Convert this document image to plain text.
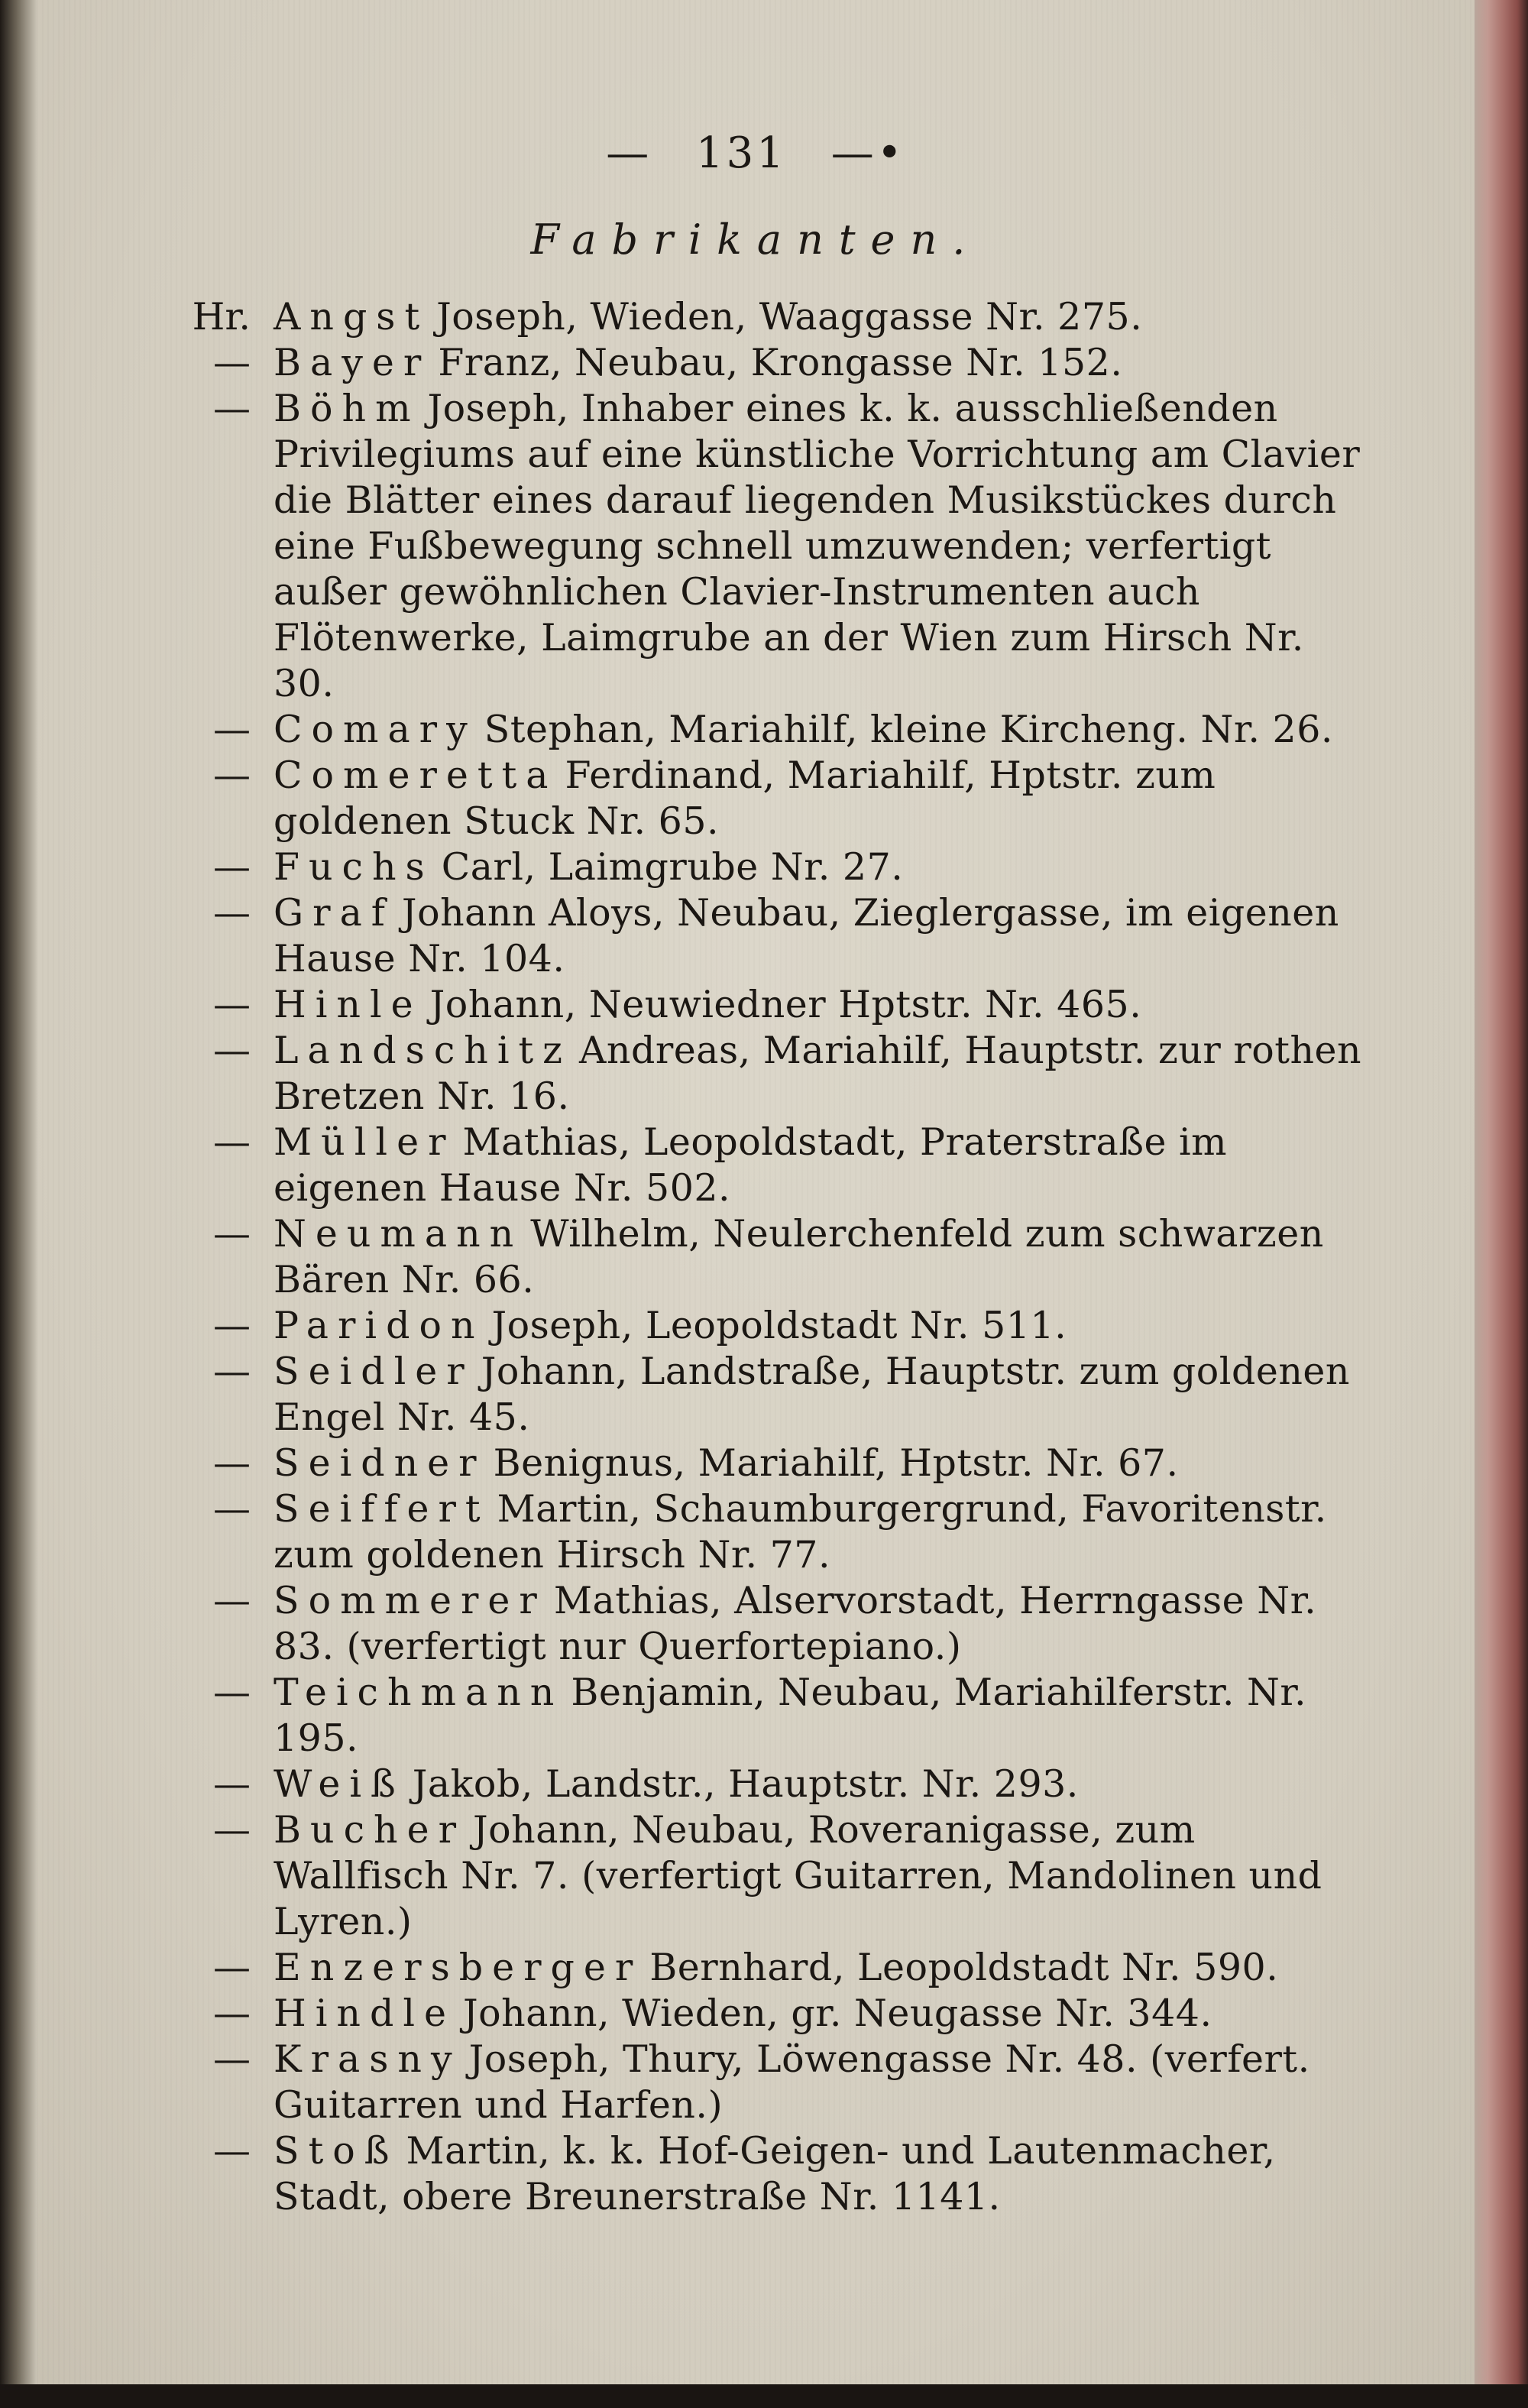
— 131 —•
Fabrikanten.
Hr. Angst Joseph, Wieden, Waaggasse Nr. 275.
— Bayer Franz, Neubau, Krongasse Nr. 152.
— Böhm Joseph, Inhaber eines k. k. ausschließenden Privilegiums auf eine künstliche Vorrichtung am Clavier die Blätter eines darauf liegenden Musikstückes durch eine Fußbewegung schnell umzuwenden; verfertigt außer gewöhnlichen Clavier-Instrumenten auch Flötenwerke, Laimgrube an der Wien zum Hirsch Nr. 30.
— Comary Stephan, Mariahilf, kleine Kircheng. Nr. 26.
— Comeretta Ferdinand, Mariahilf, Hptstr. zum goldenen Stuck Nr. 65.
— Fuchs Carl, Laimgrube Nr. 27.
— Graf Johann Aloys, Neubau, Zieglergasse, im eigenen Hause Nr. 104.
— Hinle Johann, Neuwiedner Hptstr. Nr. 465.
— Landschitz Andreas, Mariahilf, Hauptstr. zur rothen Bretzen Nr. 16.
— Müller Mathias, Leopoldstadt, Praterstraße im eigenen Hause Nr. 502.
— Neumann Wilhelm, Neulerchenfeld zum schwarzen Bären Nr. 66.
— Paridon Joseph, Leopoldstadt Nr. 511.
— Seidler Johann, Landstraße, Hauptstr. zum goldenen Engel Nr. 45.
— Seidner Benignus, Mariahilf, Hptstr. Nr. 67.
— Seiffert Martin, Schaumburgergrund, Favoritenstr. zum goldenen Hirsch Nr. 77.
— Sommerer Mathias, Alservorstadt, Herrngasse Nr. 83. (verfertigt nur Querfortepiano.)
— Teichmann Benjamin, Neubau, Mariahilferstr. Nr. 195.
— Weiß Jakob, Landstr., Hauptstr. Nr. 293.
— Bucher Johann, Neubau, Roveranigasse, zum Wallfisch Nr. 7. (verfertigt Guitarren, Mandolinen und Lyren.)
— Enzersberger Bernhard, Leopoldstadt Nr. 590.
— Hindle Johann, Wieden, gr. Neugasse Nr. 344.
— Krasny Joseph, Thury, Löwengasse Nr. 48. (verfert. Guitarren und Harfen.)
— Stoß Martin, k. k. Hof-Geigen- und Lautenmacher, Stadt, obere Breunerstraße Nr. 1141.
